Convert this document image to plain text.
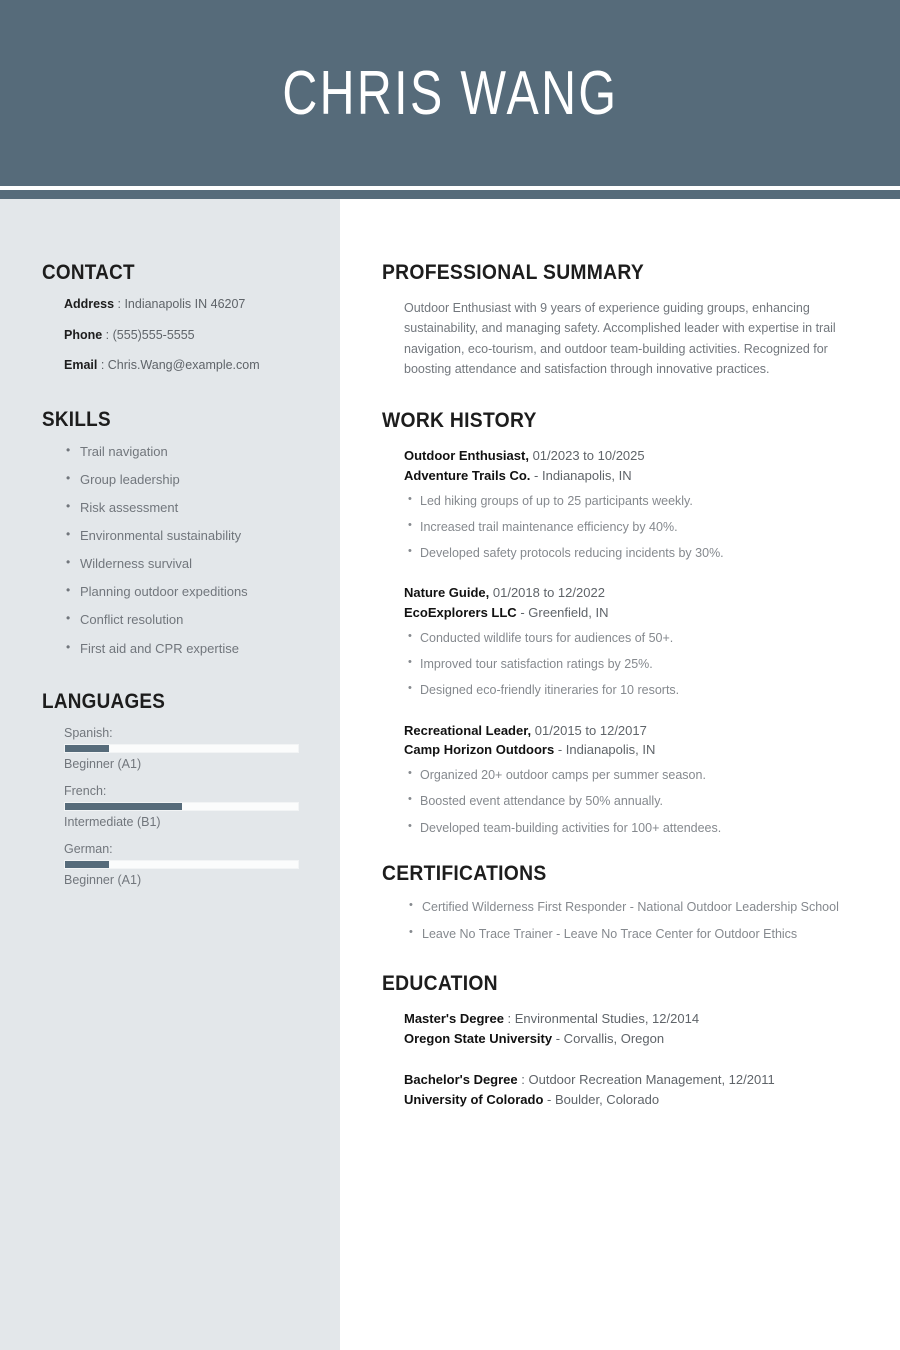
CHRIS WANG
CONTACT
Address : Indianapolis IN 46207
Phone : (555)555-5555
Email : Chris.Wang@example.com
SKILLS
• Trail navigation
• Group leadership
• Risk assessment
• Environmental sustainability
• Wilderness survival
• Planning outdoor expeditions
• Conflict resolution
• First aid and CPR expertise
LANGUAGES
Spanish:
Beginner (A1)
French:
Intermediate (B1)
German:
Beginner (A1)
PROFESSIONAL SUMMARY

Outdoor Enthusiast with 9 years of experience guiding groups, enhancing sustainability, and managing safety. Accomplished leader with expertise in trail navigation, eco-tourism, and outdoor team-building activities. Recognized for boosting attendance and satisfaction through innovative practices.

WORK HISTORY
Outdoor Enthusiast, 01/2023 to 10/2025
Adventure Trails Co. - Indianapolis, IN
• Led hiking groups of up to 25 participants weekly.
• Increased trail maintenance efficiency by 40%.
• Developed safety protocols reducing incidents by 30%.
Nature Guide, 01/2018 to 12/2022
EcoExplorers LLC - Greenfield, IN
• Conducted wildlife tours for audiences of 50+.
• Improved tour satisfaction ratings by 25%.
• Designed eco-friendly itineraries for 10 resorts.
Recreational Leader, 01/2015 to 12/2017
Camp Horizon Outdoors - Indianapolis, IN
• Organized 20+ outdoor camps per summer season.
• Boosted event attendance by 50% annually.
• Developed team-building activities for 100+ attendees.
CERTIFICATIONS
• Certified Wilderness First Responder - National Outdoor Leadership School
• Leave No Trace Trainer - Leave No Trace Center for Outdoor Ethics
EDUCATION
Master's Degree : Environmental Studies, 12/2014
Oregon State University - Corvallis, Oregon
Bachelor's Degree : Outdoor Recreation Management, 12/2011
University of Colorado - Boulder, Colorado
